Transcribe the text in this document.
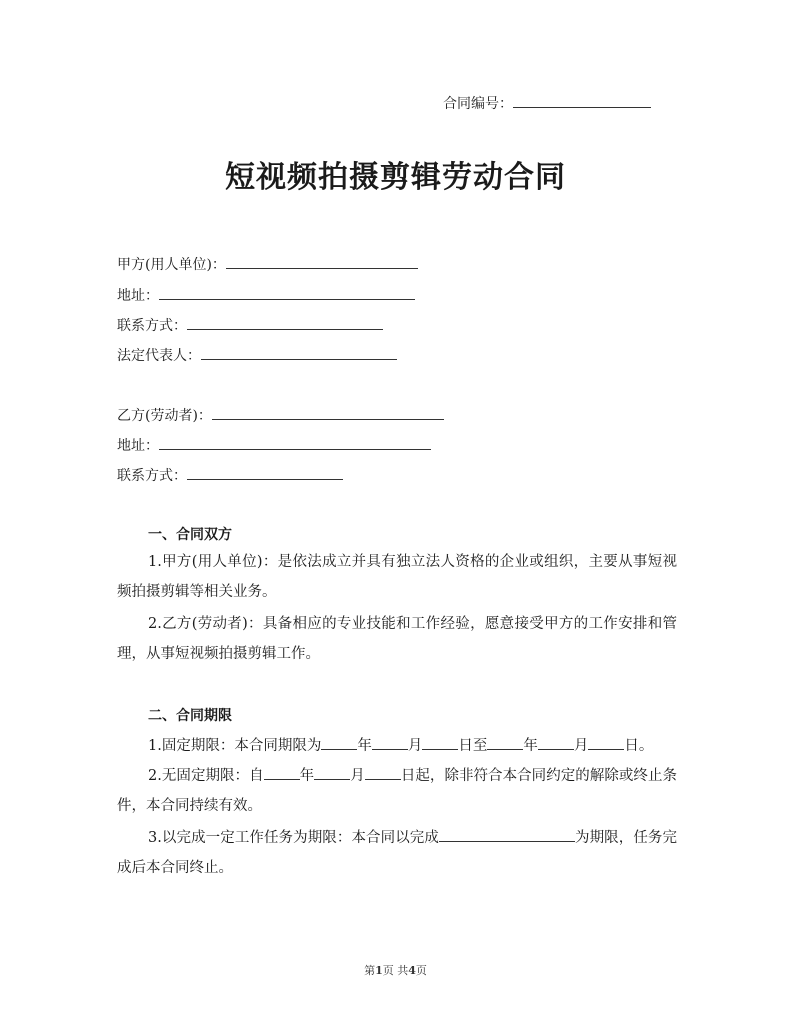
合同编号：
短视频拍摄剪辑劳动合同
甲方(用人单位)：
地址：
联系方式：
法定代表人：
乙方(劳动者)：
地址：
联系方式：
一、合同双方
1.甲方(用人单位)：是依法成立并具有独立法人资格的企业或组织，主要从事短视频拍摄剪辑等相关业务。
2.乙方(劳动者)：具备相应的专业技能和工作经验，愿意接受甲方的工作安排和管理，从事短视频拍摄剪辑工作。
二、合同期限
1.固定期限：本合同期限为 年 月 日至 年 月 日。
2.无固定期限：自 年 月 日起，除非符合本合同约定的解除或终止条件，本合同持续有效。
3.以完成一定工作任务为期限：本合同以完成	为期限，任务完成后本合同终止。
第1页 共4页
